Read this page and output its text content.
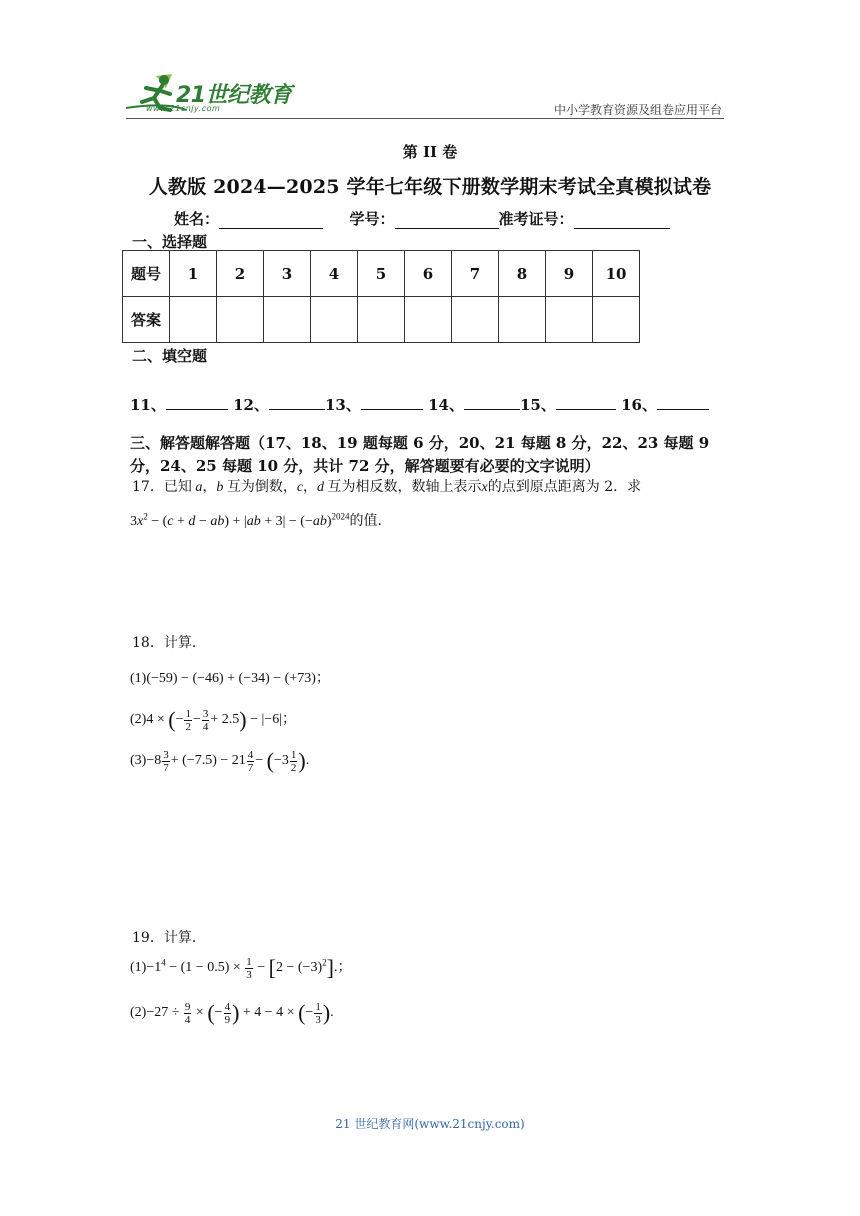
21世纪教育
www.21cnjy.com	中小学教育资源及组卷应用平台
第 II 卷
人教版 2024—2025 学年七年级下册数学期末考试全真模拟试卷
姓名：	学号：	准考证号：
一、选择题
题号	1	2	3	4	5	6	7	8	9	10
答案										
二、填空题
11、	12、	13、	14、	15、	16、
三、解答题解答题（17、18、19 题每题 6 分，20、21 每题 8 分，22、23 每题 9 分，24、25 每题 10 分，共计 72 分，解答题要有必要的文字说明）
17．已知 a，b 互为倒数，c，d 互为相反数，数轴上表示x的点到原点距离为 2．求
$3x^2 - (c + d - ab) + |ab + 3| - (-ab)^{2024}$的值．
18．计算．
(1)(−59) − (−46) + (−34) − (+73)；
(2)4 × (− $\frac{1}{2} - \frac{3}{4} + 2.5) - |-6|$；
$(3)-8 \frac{3}{7} + (-7.5) - 21 \frac{4}{7} - (-3 \frac{1}{2}$ ).
19．计算．
$(1)-1^4 - (1 - 0.5) \times \frac{1}{3} - [2 - (-3)^2]$.；
$(2)-27 \div \frac{9}{4}$ × (− $\frac{4}{9}$ ) + 4 − 4 × (− $\frac{1}{3}$ ).
21 世纪教育网(www.21cnjy.com)
